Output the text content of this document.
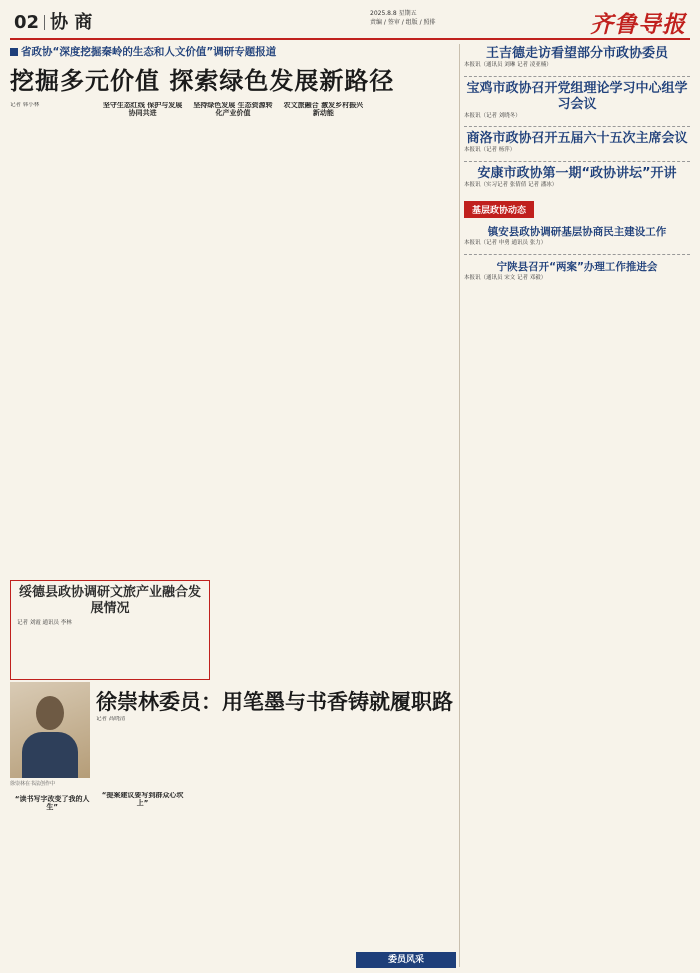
02 协 商	2025.8.8 星期五
责编 / 签审 / 组版 / 照排	齐鲁导报
省政协“深度挖掘秦岭的生态和人文价值”调研专题报道
挖掘多元价值 探索绿色发展新路径
记者 韩小林	坚守生态红线 保护与发展协同共进
坚持绿色发展 生态资源转化产业价值
农文旅融合 激发乡村振兴新动能
绥德县政协调研文旅产业融合发展情况
记者 刘霞 通讯员 李林
徐崇林在书法创作中
徐崇林委员：用笔墨与书香铸就履职路
记者 高晓清
“读书写字改变了我的人生”
“提案建议要写到群众心坎上”
委员风采
王吉德走访看望部分市政协委员
本报讯（通讯员 刘琳 记者 凌亚楠）
宝鸡市政协召开党组理论学习中心组学习会议
本报讯（记者 刘晓冬）
商洛市政协召开五届六十五次主席会议
本报讯（记者 杨萍）
安康市政协第一期“政协讲坛”开讲
本报讯（实习记者 张倩倩 记者 潘冰）
基层政协动态
镇安县政协调研基层协商民主建设工作
本报讯（记者 申勇 通讯员 张力）
宁陕县召开“两案”办理工作推进会
本报讯（通讯员 宋文 记者 邓毅）
